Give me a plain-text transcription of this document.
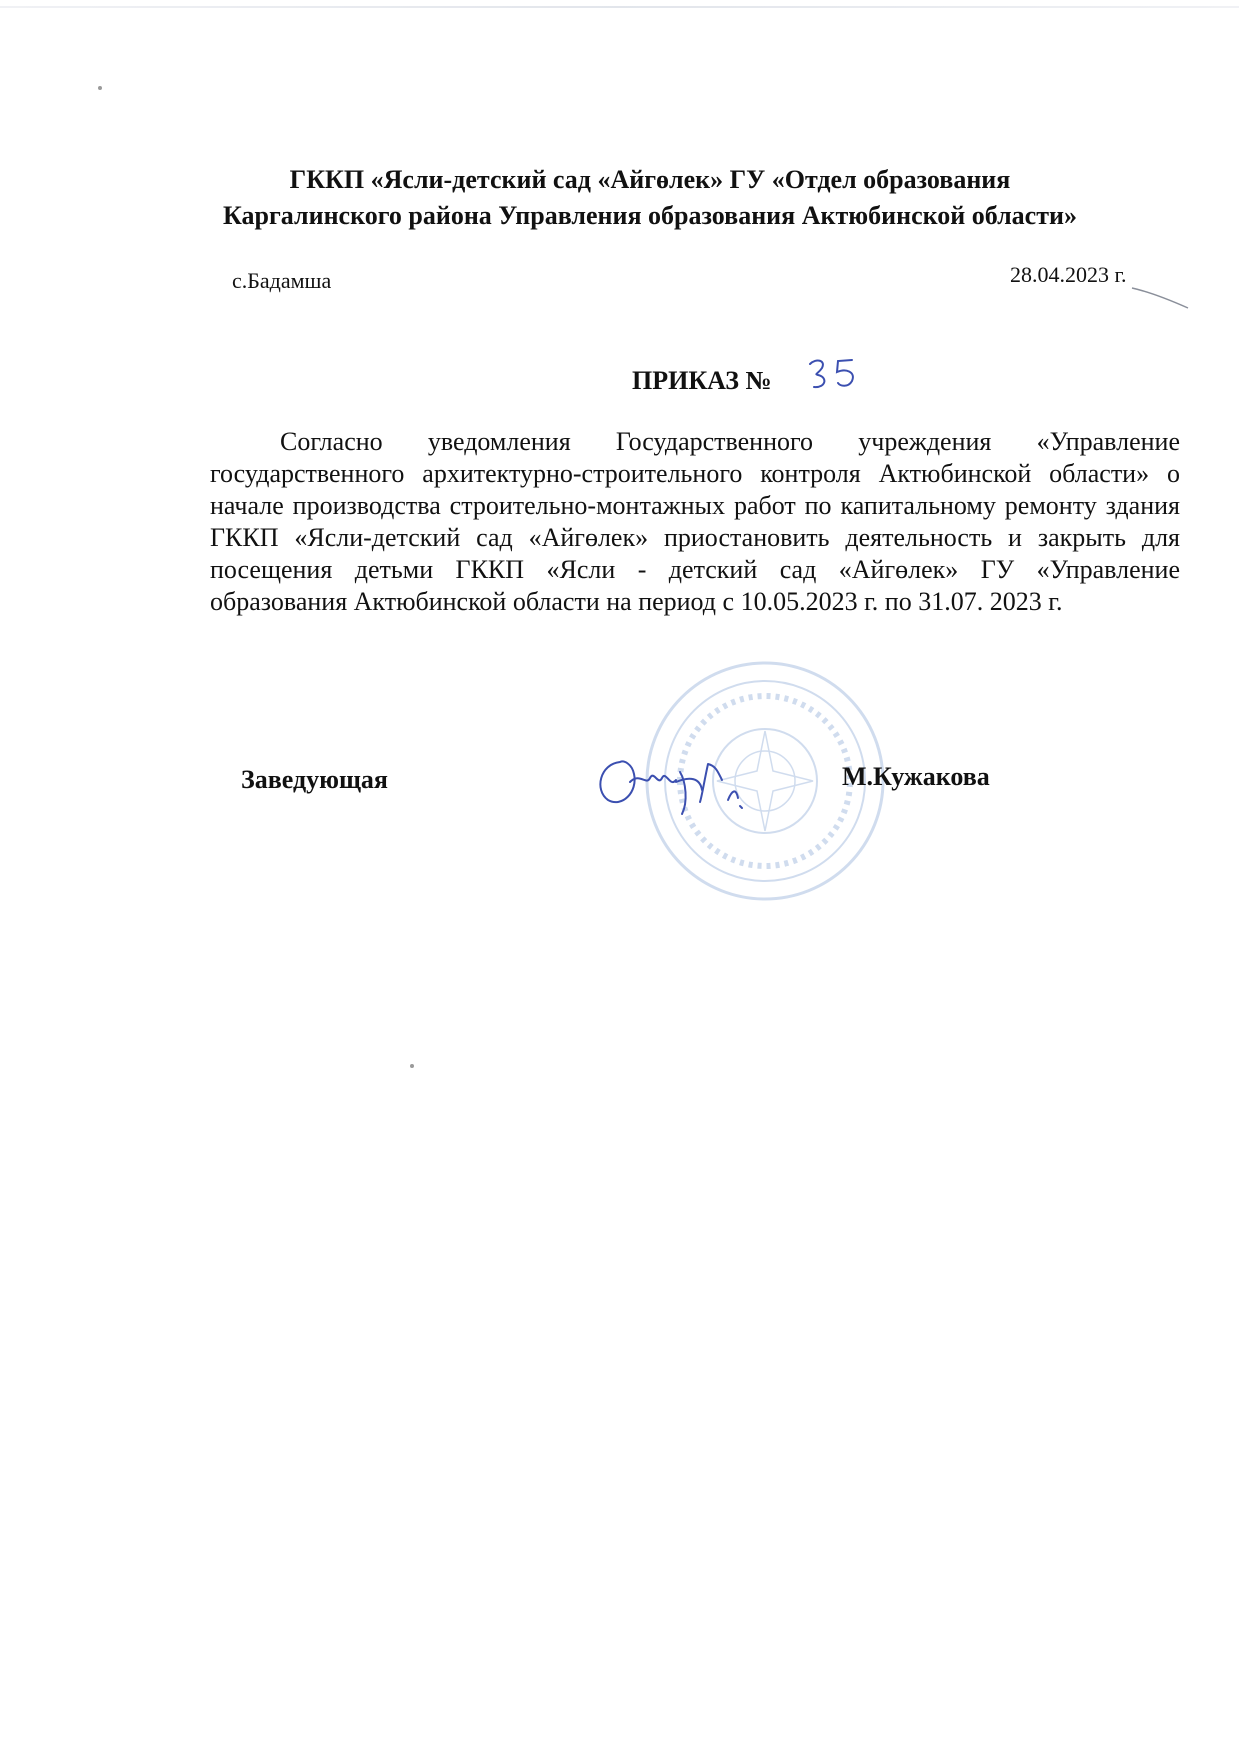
ГККП «Ясли-детский сад «Айгөлек» ГУ «Отдел образования
Каргалинского района Управления образования Актюбинской области»
с.Бадамша	28.04.2023 г.
ПРИКАЗ №

Согласно уведомления Государственного учреждения «Управление государственного архитектурно-строительного контроля Актюбинской области» о начале производства строительно-монтажных работ по капитальному ремонту здания ГККП «Ясли-детский сад «Айгөлек» приостановить деятельность и закрыть для посещения детьми ГККП «Ясли - детский сад «Айгөлек» ГУ «Управление образования Актюбинской области на период с 10.05.2023 г. по 31.07. 2023 г.

Заведующая	М.Кужакова
